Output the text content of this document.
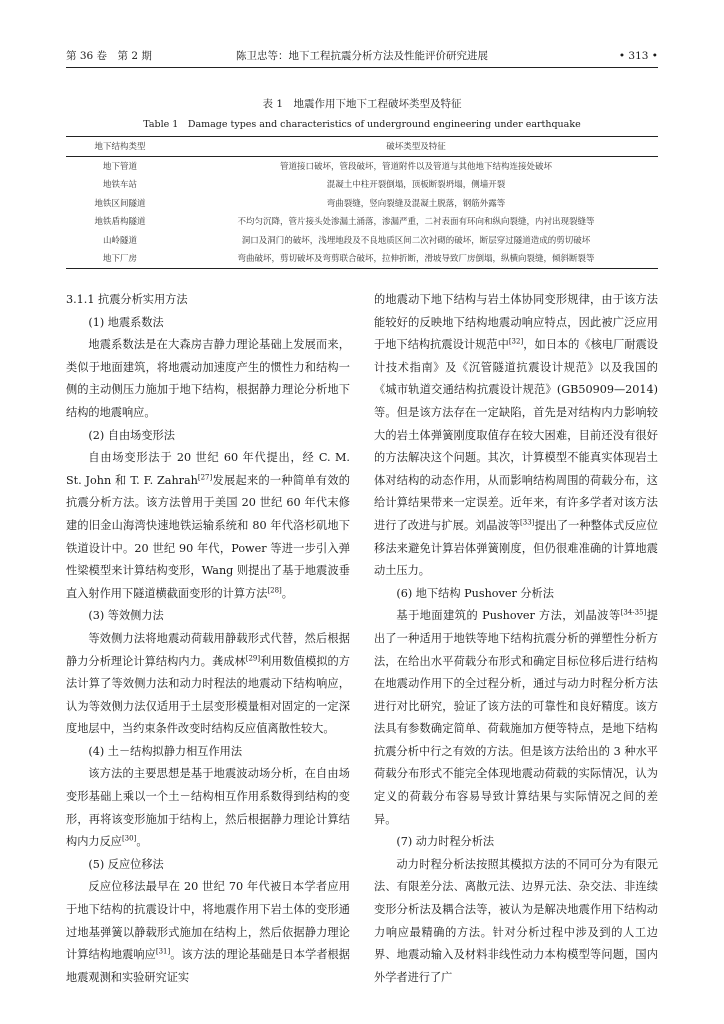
第 36 卷　第 2 期	陈卫忠等：地下工程抗震分析方法及性能评价研究进展	• 313 •
表 1　地震作用下地下工程破坏类型及特征
Table 1　Damage types and characteristics of underground engineering under earthquake
地下结构类型	破坏类型及特征
地下管道	管道接口破坏，管段破坏，管道附件以及管道与其他地下结构连接处破坏
地铁车站	混凝土中柱开裂倒塌，顶板断裂坍塌，侧墙开裂
地铁区间隧道	弯曲裂缝，竖向裂缝及混凝土脱落，钢筋外露等
地铁盾构隧道	不均匀沉降，管片接头处渗漏土涌落，渗漏严重，二衬表面有环向和纵向裂缝，内衬出现裂缝等
山岭隧道	洞口及洞门的破坏，浅埋地段及不良地质区间二次衬砌的破坏，断层穿过隧道造成的剪切破坏
地下厂房	弯曲破坏，剪切破坏及弯剪联合破坏，拉伸折断，滑坡导致厂房倒塌，纵横向裂缝，倾斜断裂等

3.1.1 抗震分析实用方法

(1) 地震系数法

地震系数法是在大森房吉静力理论基础上发展而来，类似于地面建筑，将地震动加速度产生的惯性力和结构一侧的主动侧压力施加于地下结构，根据静力理论分析地下结构的地震响应。

(2) 自由场变形法

自由场变形法于 20 世纪 60 年代提出，经 C. M. St. John 和 T. F. Zahrah[27]发展起来的一种简单有效的抗震分析方法。该方法曾用于美国 20 世纪 60 年代末修建的旧金山海湾快速地铁运输系统和 80 年代洛杉矶地下铁道设计中。20 世纪 90 年代，Power 等进一步引入弹性梁模型来计算结构变形，Wang 则提出了基于地震波垂直入射作用下隧道横截面变形的计算方法[28]。

(3) 等效侧力法

等效侧力法将地震动荷载用静载形式代替，然后根据静力分析理论计算结构内力。龚成林[29]利用数值模拟的方法计算了等效侧力法和动力时程法的地震动下结构响应，认为等效侧力法仅适用于土层变形模量相对固定的一定深度地层中，当约束条件改变时结构反应值离散性较大。

(4) 土－结构拟静力相互作用法

该方法的主要思想是基于地震波动场分析，在自由场变形基础上乘以一个土－结构相互作用系数得到结构的变形，再将该变形施加于结构上，然后根据静力理论计算结构内力反应[30]。

(5) 反应位移法

反应位移法最早在 20 世纪 70 年代被日本学者应用于地下结构的抗震设计中，将地震作用下岩土体的变形通过地基弹簧以静载形式施加在结构上，然后依据静力理论计算结构地震响应[31]。该方法的理论基础是日本学者根据地震观测和实验研究证实

的地震动下地下结构与岩土体协同变形规律，由于该方法能较好的反映地下结构地震动响应特点，因此被广泛应用于地下结构抗震设计规范中[32]，如日本的《核电厂耐震设计技术指南》及《沉管隧道抗震设计规范》以及我国的《城市轨道交通结构抗震设计规范》(GB50909—2014)等。但是该方法存在一定缺陷，首先是对结构内力影响较大的岩土体弹簧刚度取值存在较大困难，目前还没有很好的方法解决这个问题。其次，计算模型不能真实体现岩土体对结构的动态作用，从而影响结构周围的荷载分布，这给计算结果带来一定误差。近年来，有许多学者对该方法进行了改进与扩展。刘晶波等[33]提出了一种整体式反应位移法来避免计算岩体弹簧刚度，但仍很难准确的计算地震动土压力。

(6) 地下结构 Pushover 分析法

基于地面建筑的 Pushover 方法，刘晶波等[34-35]提出了一种适用于地铁等地下结构抗震分析的弹塑性分析方法，在给出水平荷载分布形式和确定目标位移后进行结构在地震动作用下的全过程分析，通过与动力时程分析方法进行对比研究，验证了该方法的可靠性和良好精度。该方法具有参数确定简单、荷载施加方便等特点，是地下结构抗震分析中行之有效的方法。但是该方法给出的 3 种水平荷载分布形式不能完全体现地震动荷载的实际情况，认为定义的荷载分布容易导致计算结果与实际情况之间的差异。

(7) 动力时程分析法

动力时程分析法按照其模拟方法的不同可分为有限元法、有限差分法、离散元法、边界元法、杂交法、非连续变形分析法及耦合法等，被认为是解决地震作用下结构动力响应最精确的方法。针对分析过程中涉及到的人工边界、地震动输入及材料非线性动力本构模型等问题，国内外学者进行了广
